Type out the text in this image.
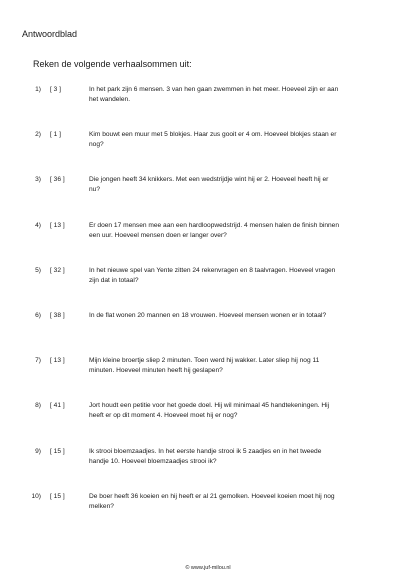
Antwoordblad
Reken de volgende verhaalsommen uit:
1) [ 3 ]	In het park zijn 6 mensen. 3 van hen gaan zwemmen in het meer. Hoeveel zijn er aan
het wandelen.
2) [ 1 ]	Kim bouwt een muur met 5 blokjes. Haar zus gooit er 4 om. Hoeveel blokjes staan er
nog?
3) [ 36 ]	Die jongen heeft 34 knikkers. Met een wedstrijdje wint hij er 2. Hoeveel heeft hij er
nu?
4) [ 13 ]	Er doen 17 mensen mee aan een hardloopwedstrijd. 4 mensen halen de finish binnen
een uur. Hoeveel mensen doen er langer over?
5) [ 32 ]	In het nieuwe spel van Yente zitten 24 rekenvragen en 8 taalvragen. Hoeveel vragen
zijn dat in totaal?
6) [ 38 ]	In de flat wonen 20 mannen en 18 vrouwen. Hoeveel mensen wonen er in totaal?
7) [ 13 ]	Mijn kleine broertje sliep 2 minuten. Toen werd hij wakker. Later sliep hij nog 11
minuten. Hoeveel minuten heeft hij geslapen?
8) [ 41 ]	Jort houdt een petitie voor het goede doel. Hij wil minimaal 45 handtekeningen. Hij
heeft er op dit moment 4. Hoeveel moet hij er nog?
9) [ 15 ]	Ik strooi bloemzaadjes. In het eerste handje strooi ik 5 zaadjes en in het tweede
handje 10. Hoeveel bloemzaadjes strooi ik?
10) [ 15 ]	De boer heeft 36 koeien en hij heeft er al 21 gemolken. Hoeveel koeien moet hij nog
melken?
© www.juf-milou.nl
